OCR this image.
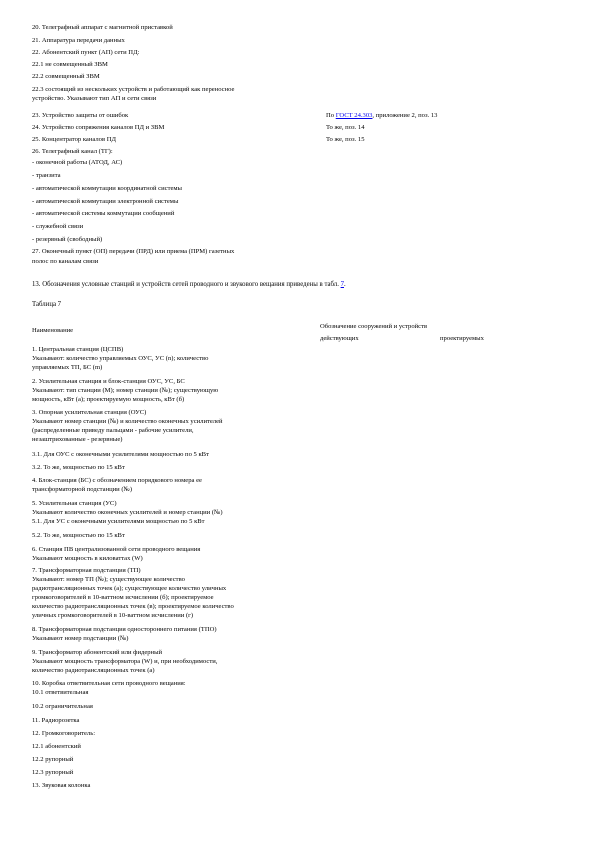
20. Телеграфный аппарат с магнитной приставкой
21. Аппаратура передачи данных
22. Абонентский пункт (АП) сети ПД:
22.1 не совмещенный ЗВМ
22.2 совмещенный ЗВМ
22.3 состоящий из нескольких устройств и работающий как переносное
устройство. Указывают тип АП и сети связи
23. Устройство защиты от ошибок
24. Устройство сопряжения каналов ПД и ЗВМ
25. Концентратор каналов ПД
26. Телеграфный канал (ТГ):
- оконечной работы (АТОД, АС)
- транзита
- автоматической коммутации координатной системы
- автоматической коммутации электронной системы
- автоматической системы коммутации сообщений
- служебной связи
- резервный (свободный)
27. Оконечный пункт (ОП) передачи (ПРД) или приема (ПРМ) газетных
полос по каналам связи
По ГОСТ 24.303, приложение 2, поз. 13
То же, поз. 14
То же, поз. 15
13. Обозначения условные станций и устройств сетей проводного и звукового вещания приведены в табл. 7.
Таблица 7
Наименование
Обозначение сооружений и устройств
действующих	проектируемых
1. Центральная станция (ЦСПВ)
Указывают: количество управляемых ОУС, УС (n); количество
управляемых ТП, БС (m)
2. Усилительная станция и блок-станция ОУС, УС, БС
Указывают: тип станции (М); номер станции (№); существующую
мощность, кВт (а); проектируемую мощность, кВт (б)
3. Опорная усилительная станция (ОУС)
Указывают номер станции (№) и количество оконечных усилителей
(распределенные приведу пальцами - рабочие усилители,
незаштрихованные - резервные)
3.1. Для ОУС с оконечными усилителями мощностью по 5 кВт
3.2. То же, мощностью по 15 кВт
4. Блок-станция (БС) с обозначением порядкового номера ее
трансформаторной подстанции (№)
5. Усилительная станция (УС)
Указывают количество оконечных усилителей и номер станции (№)
5.1. Для УС с оконечными усилителями мощностью по 5 кВт
5.2. То же, мощностью по 15 кВт
6. Станция ПВ централизованной сети проводного вещания
Указывают мощность в киловаттах (W)
7. Трансформаторная подстанция (ТП)
Указывают: номер ТП (№); существующее количество
радиотрансляционных точек (а); существующее количество уличных
громкоговорителей в 10-ваттном исчислении (б); проектируемое
количество радиотрансляционных точек (в); проектируемое количество
уличных громкоговорителей в 10-ваттном исчислении (г)
8. Трансформаторная подстанция одностороннего питания (ТПО)
Указывают номер подстанции (№)
9. Трансформатор абонентский или фидерный
Указывают мощность трансформатора (W) и, при необходимости,
количество радиотрансляционных точек (а)
10. Коробка ответвительная сети проводного вещания:
10.1 ответвительная
10.2 ограничительная
11. Радиорозетка
12. Громкоговоритель:
12.1 абонентский
12.2 рупорный
12.3 рупорный
13. Звуковая колонка
